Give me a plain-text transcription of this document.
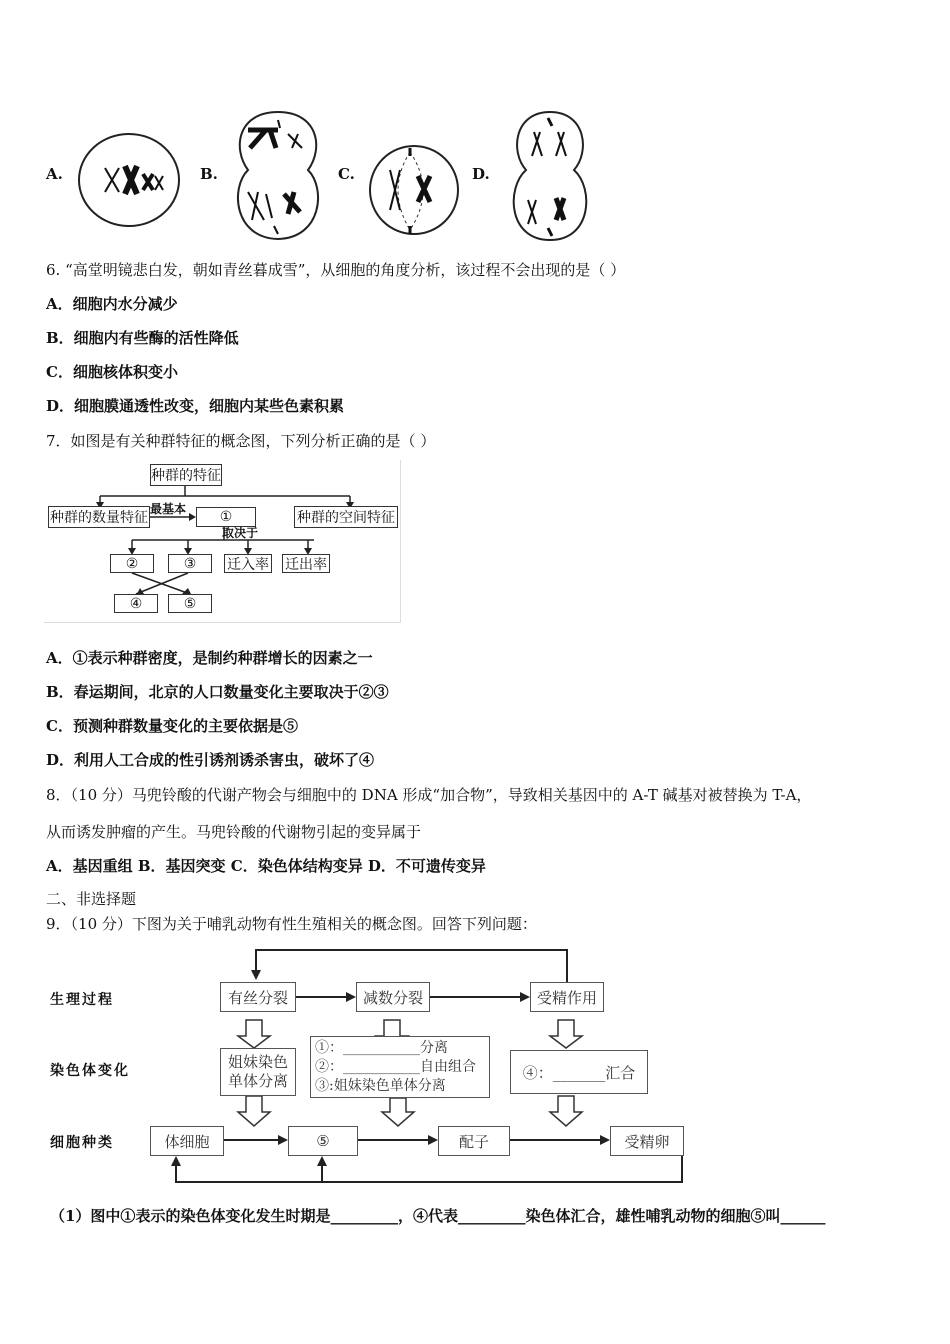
A.	B.	C.	D.
6. “高堂明镜悲白发，朝如青丝暮成雪”，从细胞的角度分析，该过程不会出现的是（ ）
A．细胞内水分减少
B．细胞内有些酶的活性降低
C．细胞核体积变小
D．细胞膜通透性改变，细胞内某些色素积累
7．如图是有关种群特征的概念图，下列分析正确的是（ ）
种群的特征
种群的数量特征
最基本	①	种群的空间特征
取决于
②	③	迁入率 迁出率
④	⑤
A．①表示种群密度，是制约种群增长的因素之一
B．春运期间，北京的人口数量变化主要取决于②③
C．预测种群数量变化的主要依据是⑤
D．利用人工合成的性引诱剂诱杀害虫，破坏了④
8．（10 分）马兜铃酸的代谢产物会与细胞中的 DNA 形成“加合物”，导致相关基因中的 A-T 碱基对被替换为 T-A，
从而诱发肿瘤的产生。马兜铃酸的代谢物引起的变异属于
A．基因重组 B．基因突变 C．染色体结构变异 D．不可遗传变异
二、非选择题
9．（10 分）下图为关于哺乳动物有性生殖相关的概念图。回答下列问题：
生理过程
染色体变化
细胞种类
有丝分裂	减数分裂	受精作用
姐妹染色
单体分离
①：___________分离
②：___________自由组合
③:姐妹染色单体分离
④：_______汇合
体细胞	⑤	配子	受精卵
（1）图中①表示的染色体变化发生时期是_________，④代表_________染色体汇合，雄性哺乳动物的细胞⑤叫______
